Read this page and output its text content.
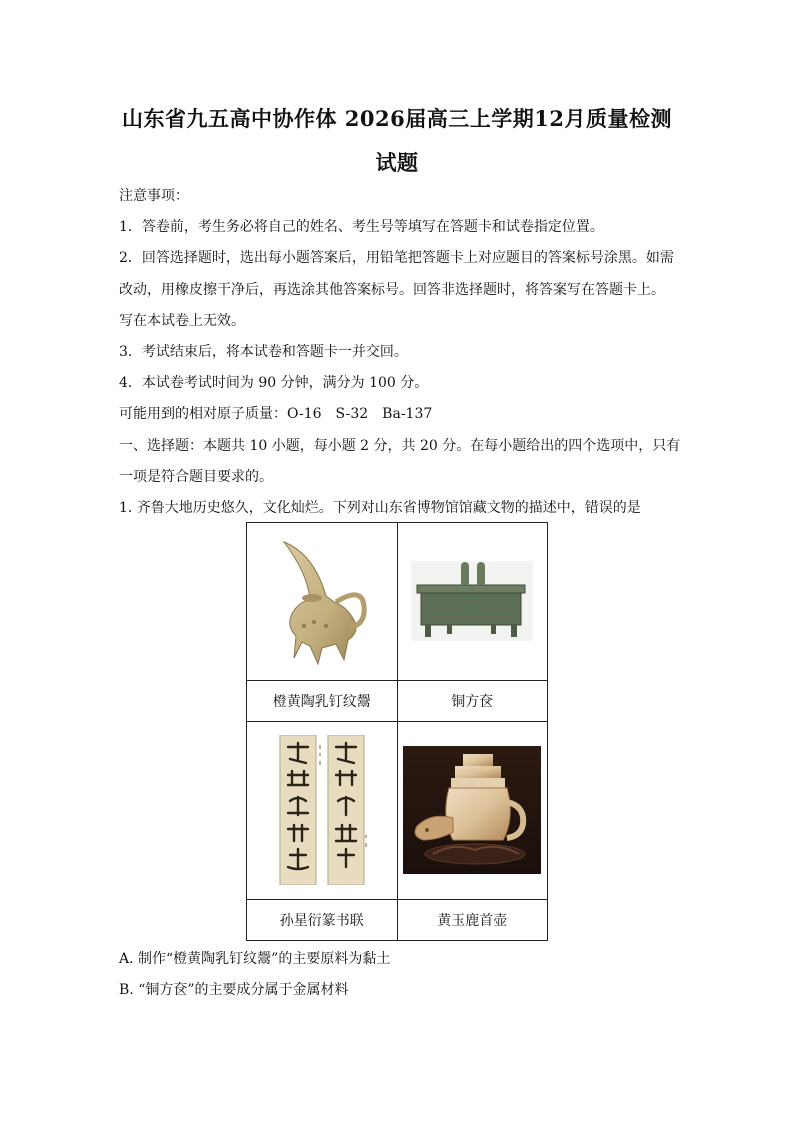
山东省九五高中协作体 2026届高三上学期12月质量检测
试题
注意事项：
1．答卷前，考生务必将自己的姓名、考生号等填写在答题卡和试卷指定位置。
2．回答选择题时，选出每小题答案后，用铅笔把答题卡上对应题目的答案标号涂黑。如需
改动，用橡皮擦干净后，再选涂其他答案标号。回答非选择题时，将答案写在答题卡上。
写在本试卷上无效。
3．考试结束后，将本试卷和答题卡一并交回。
4．本试卷考试时间为 90 分钟，满分为 100 分。
可能用到的相对原子质量：O-16　S-32　Ba-137
一、选择题：本题共 10 小题，每小题 2 分，共 20 分。在每小题给出的四个选项中，只有
一项是符合题目要求的。
1. 齐鲁大地历史悠久，文化灿烂。下列对山东省博物馆馆藏文物的描述中，错误的是

橙黄陶乳钉纹鬶	铜方奁

孙星衍篆书联	黄玉鹿首壶
A. 制作“橙黄陶乳钉纹鬶”的主要原料为黏土
B. “铜方奁”的主要成分属于金属材料
